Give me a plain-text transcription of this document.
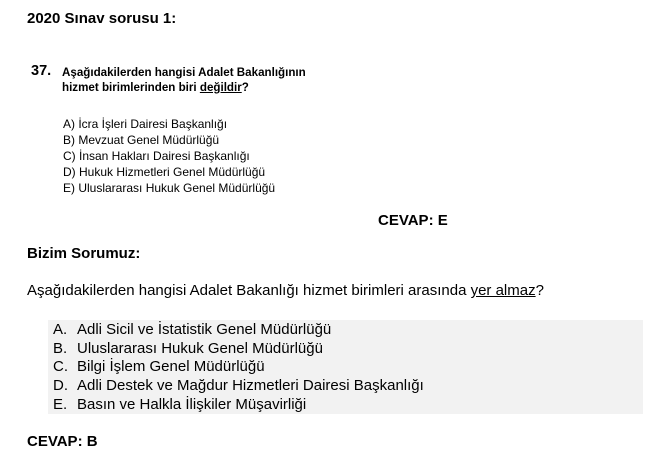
2020 Sınav sorusu 1:
37. Aşağıdakilerden hangisi Adalet Bakanlığının
hizmet birimlerinden biri değildir?
A) İcra İşleri Dairesi Başkanlığı
B) Mevzuat Genel Müdürlüğü
C) İnsan Hakları Dairesi Başkanlığı
D) Hukuk Hizmetleri Genel Müdürlüğü
E) Uluslararası Hukuk Genel Müdürlüğü
CEVAP: E
Bizim Sorumuz:
Aşağıdakilerden hangisi Adalet Bakanlığı hizmet birimleri arasında yer almaz?
A. Adli Sicil ve İstatistik Genel Müdürlüğü
B. Uluslararası Hukuk Genel Müdürlüğü
C. Bilgi İşlem Genel Müdürlüğü
D. Adli Destek ve Mağdur Hizmetleri Dairesi Başkanlığı
E. Basın ve Halkla İlişkiler Müşavirliği
CEVAP: B
